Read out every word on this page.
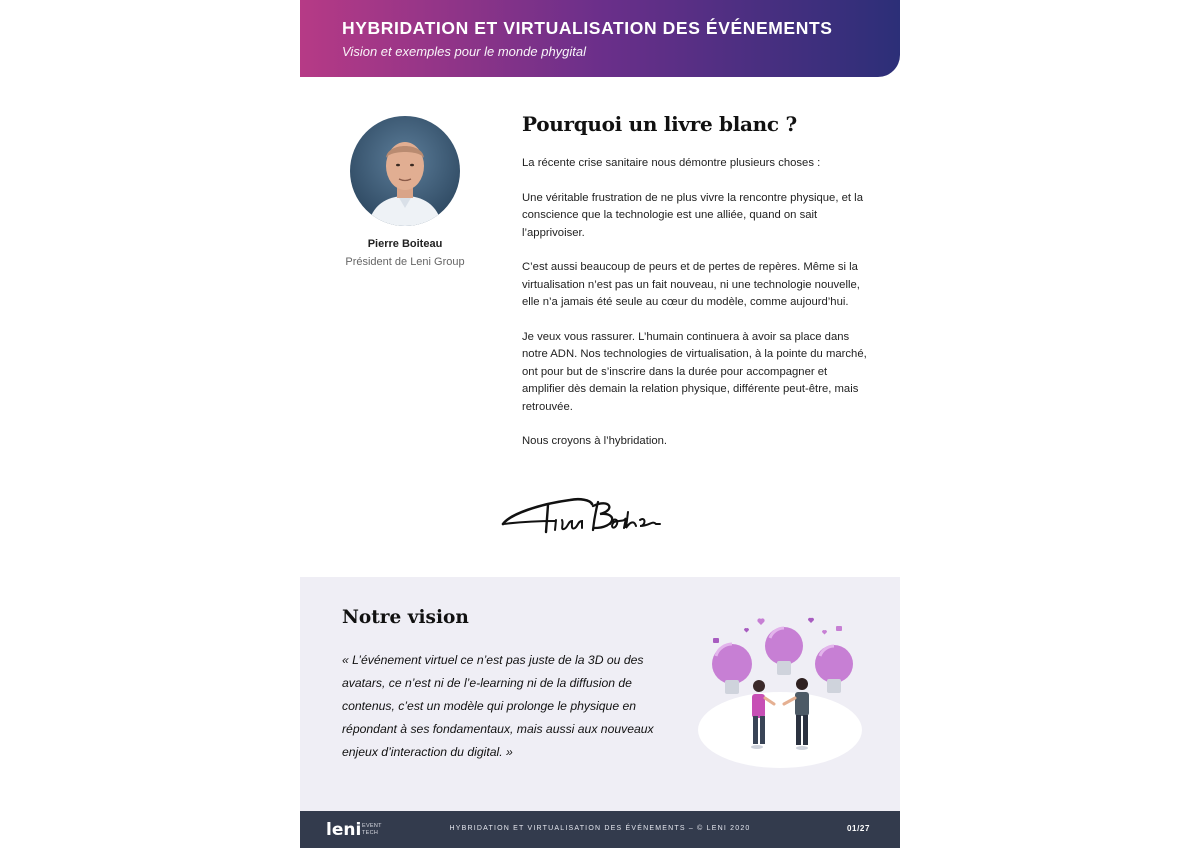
HYBRIDATION ET VIRTUALISATION DES ÉVÉNEMENTS
Vision et exemples pour le monde phygital
Pierre Boiteau
Président de Leni Group
Pourquoi un livre blanc ?

La récente crise sanitaire nous démontre plusieurs choses :

Une véritable frustration de ne plus vivre la rencontre physique, et la conscience que la technologie est une alliée, quand on sait l’apprivoiser.

C’est aussi beaucoup de peurs et de pertes de repères. Même si la virtualisation n’est pas un fait nouveau, ni une technologie nouvelle, elle n’a jamais été seule au cœur du modèle, comme aujourd’hui.

Je veux vous rassurer. L’humain continuera à avoir sa place dans notre ADN. Nos technologies de virtualisation, à la pointe du marché, ont pour but de s’inscrire dans la durée pour accompagner et amplifier dès demain la relation physique, différente peut-être, mais retrouvée.

Nous croyons à l’hybridation.

Notre vision
« L’événement virtuel ce n’est pas juste de la 3D ou des avatars, ce n’est ni de l’e-learning ni de la diffusion de contenus, c’est un modèle qui prolonge le physique en répondant à ses fondamentaux, mais aussi aux nouveaux enjeux d’interaction du digital. »
leni EVENT
TECH
HYBRIDATION ET VIRTUALISATION DES ÉVÉNEMENTS – © LENI 2020	01/27
